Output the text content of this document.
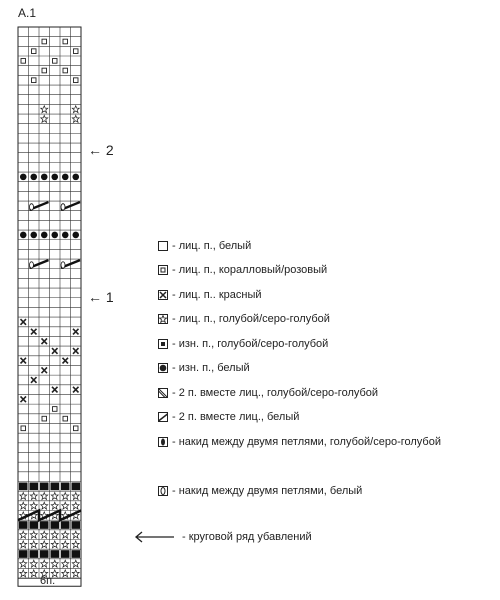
A.1
6п.
← 2
← 1
- лиц. п., белый
- лиц. п., коралловый/розовый
- лиц. п.. красный
- лиц. п., голубой/серо-голубой
- изн. п., голубой/серо-голубой
- изн. п., белый
- 2 п. вместе лиц., голубой/серо-голубой
- 2 п. вместе лиц., белый
- накид между двумя петлями, голубой/серо-голубой
- накид между двумя петлями, белый
- круговой ряд убавлений
